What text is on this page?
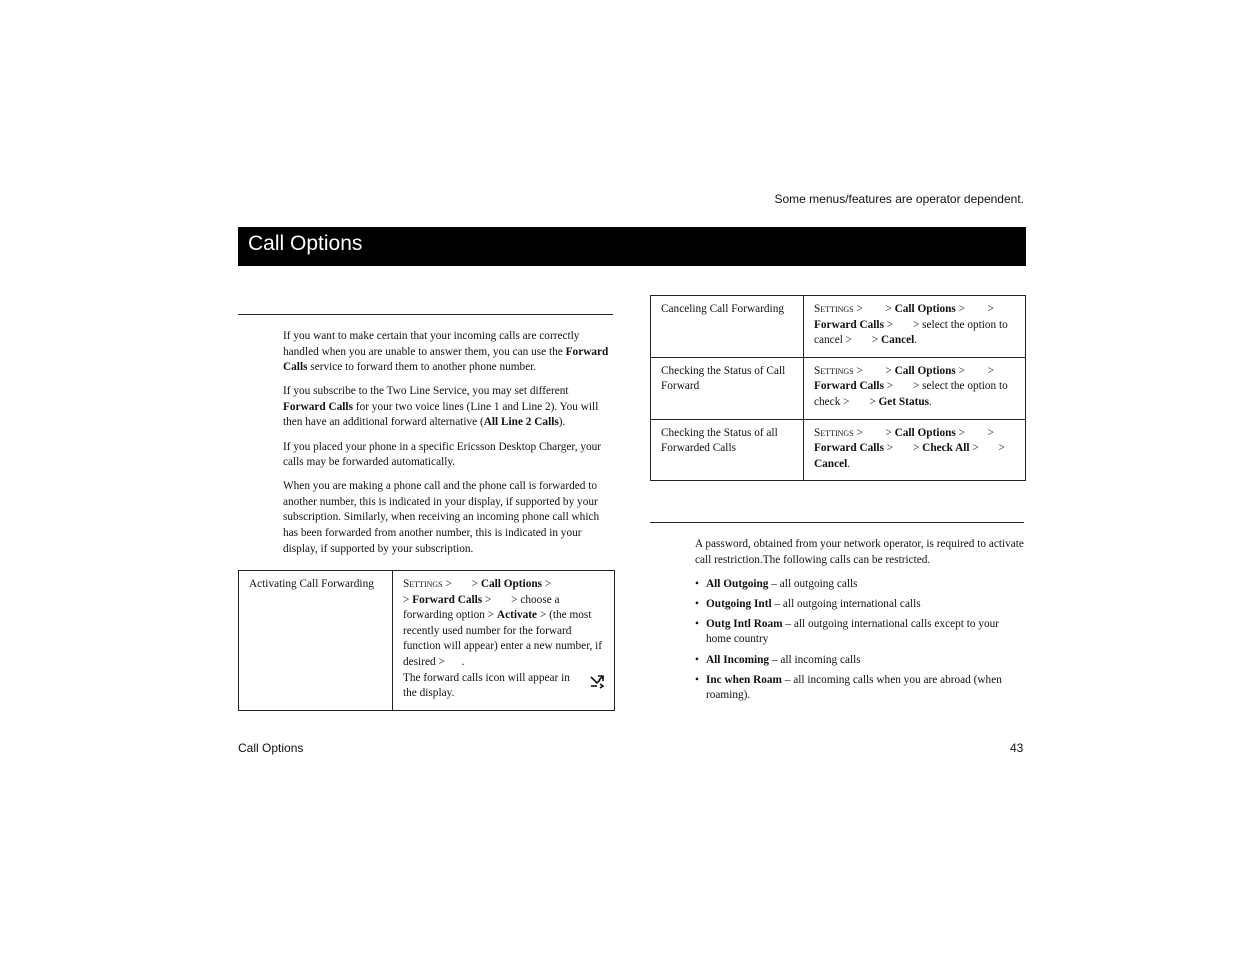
Some menus/features are operator dependent.
Call Options

If you want to make certain that your incoming calls are correctly handled when you are unable to answer them, you can use the Forward Calls service to forward them to another phone number.

If you subscribe to the Two Line Service, you may set different Forward Calls for your two voice lines (Line 1 and Line 2). You will then have an additional forward alternative (All Line 2 Calls).

If you placed your phone in a specific Ericsson Desktop Charger, your calls may be forwarded automatically.

When you are making a phone call and the phone call is forwarded to another number, this is indicated in your display, if supported by your subscription. Similarly, when receiving an incoming phone call which has been forwarded from another number, this is indicated in your display, if supported by your subscription.

Activating Call Forwarding	Settings > > Call Options >
> Forward Calls > > choose a forwarding option > Activate > (the most recently used number for the forward function will appear) enter a new number, if desired > .

The forward calls icon will appear in the display.
Canceling Call Forwarding	Settings >        > Call Options >        >
Forward Calls >       > select the option to cancel >       > Cancel.
Checking the Status of Call Forward	Settings >        > Call Options >        >
Forward Calls >       > select the option to check >       > Get Status.
Checking the Status of all Forwarded Calls	Settings >        > Call Options >        >
Forward Calls >       > Check All >       >
Cancel.

A password, obtained from your network operator, is required to activate call restriction.The following calls can be restricted.

• All Outgoing – all outgoing calls
• Outgoing Intl – all outgoing international calls
• Outg Intl Roam – all outgoing international calls except to your home country
• All Incoming – all incoming calls
• Inc when Roam – all incoming calls when you are abroad (when roaming).
Call Options	43
